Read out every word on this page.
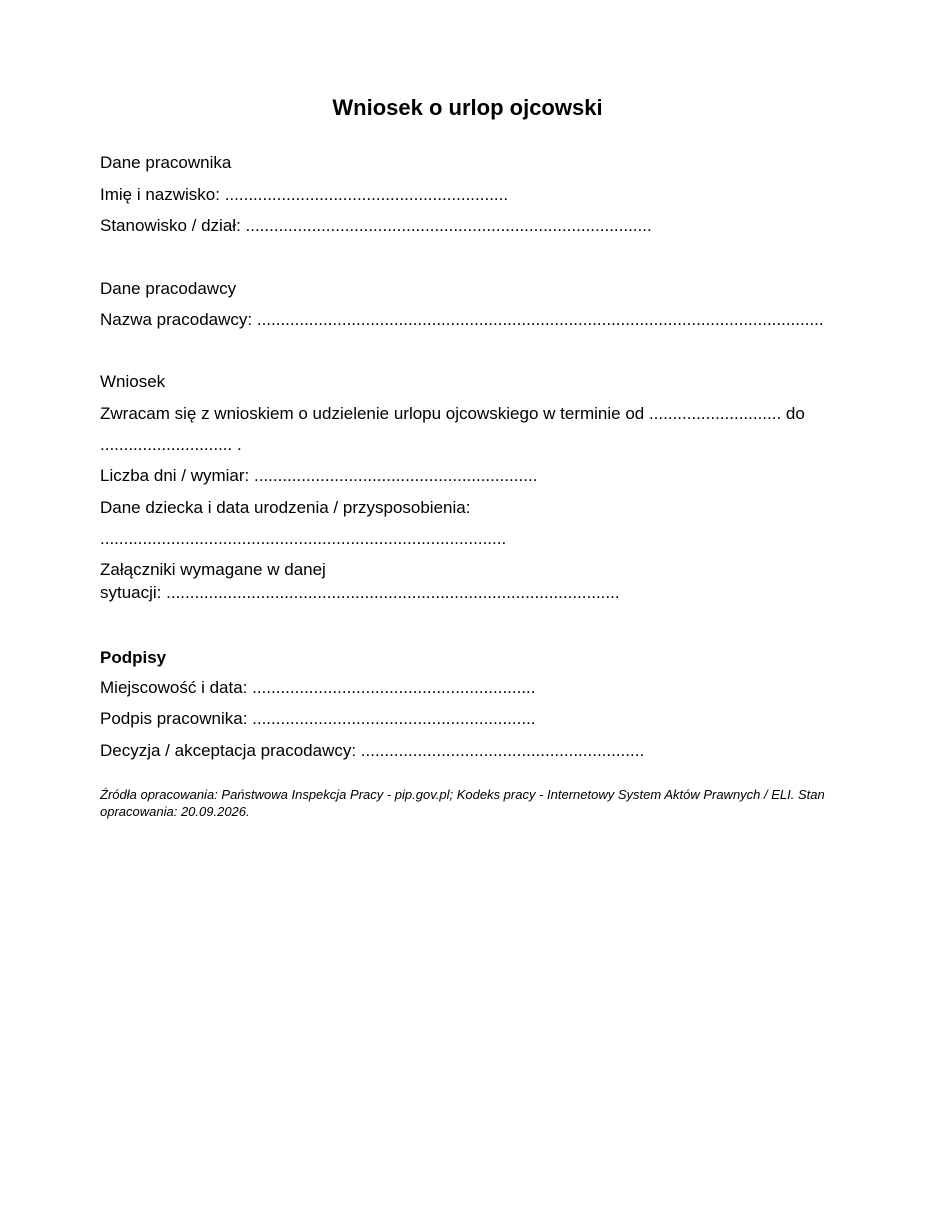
Wniosek o urlop ojcowski
Dane pracownika
Imię i nazwisko: ............................................................
Stanowisko / dział: ......................................................................................
Dane pracodawcy
Nazwa pracodawcy: ........................................................................................................................
Wniosek
Zwracam się z wnioskiem o udzielenie urlopu ojcowskiego w terminie od ............................ do
............................ .
Liczba dni / wymiar: ............................................................
Dane dziecka i data urodzenia / przysposobienia:
......................................................................................
Załączniki wymagane w danej
sytuacji: ................................................................................................
Podpisy
Miejscowość i data: ............................................................
Podpis pracownika: ............................................................
Decyzja / akceptacja pracodawcy: ............................................................
Źródła opracowania: Państwowa Inspekcja Pracy - pip.gov.pl; Kodeks pracy - Internetowy System Aktów Prawnych / ELI. Stan opracowania: 20.09.2026.
